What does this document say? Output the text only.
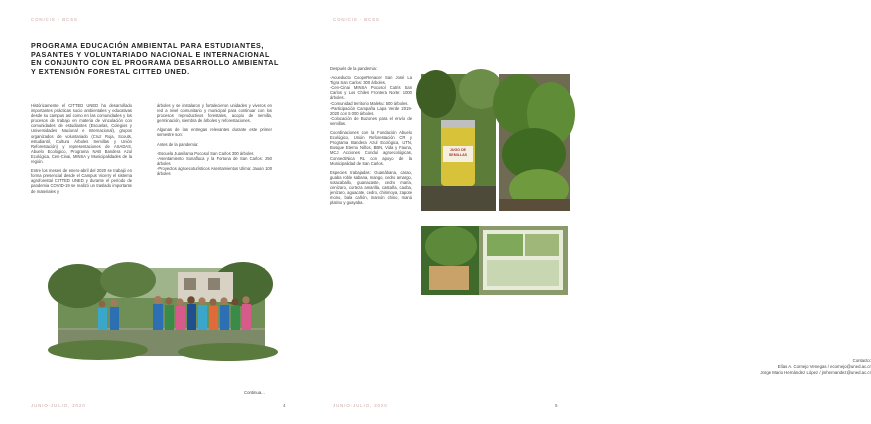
CONICIS - BCSS
PROGRAMA EDUCACIÓN AMBIENTAL PARA ESTUDIANTES, PASANTES Y VOLUNTARIADO NACIONAL E INTERNACIONAL EN CONJUNTO CON EL PROGRAMA DESARROLLO AMBIENTAL Y EXTENSIÓN FORESTAL CITTED UNED.

Históricamente el CITTED UNED ha desarrollado importantes prácticas socio ambientales y educativas desde su campus así como en las comunidades y los procesos de trabajo en materia de vinculación con comunidades de estudiantes (Escuelas, Colegios y Universidades Nacional e Internacional), grupos organizados de voluntariado (Cruz Roja, Scouts, estudiantil, Cultura Árboles Semillas y Unión Reforestación) y representaciones de ASADAS, Abuelo Ecológico, Programa NAB Bandera Azul Ecológica, Cen-Cinai, MINSA y Municipalidades de la región.

Entre los meses de enero-abril del 2020 se trabajó en forma presencial desde el Campus Vicerry el sistema agroforestal CITTED UNED y durante el período de pandemia COVID-19 se realizó un traslado importante de materiales y

árboles y se instalaron y fortalecieron unidades y viveros en red a nivel comunitario y municipal para continuar con los procesos reproductivos forestales, acopio de semilla, germinación, siembra de árboles y reforestaciones.

Algunas de las entregas relevantes durante este primer semestre son:

Antes de la pandemia:

-Escuela Juanilama Pocosol San Carlos 300 árboles
-Asentamiento Sonafluca y la Fortuna de San Carlos: 250 árboles
-Proyectos agroecoturísticos Asentamientos Ulima: Jauan 100 árboles

Continua...
JUNIO-JULIO, 2020	4
CONICIS - BCSS

Después de la pandemia:

-Acueducto CoopeRenacer San José La Tigra San Carlos: 300 árboles.
-Cen-Cinai MINSA Pocosol Cutris San Carlos y Los Chiles Frontera Norte: 1000 árboles.
-Comunidad territorio Maleku: 500 árboles.
-Participación Campaña Lapa Verde 2019-2020 con 5 000 árboles.
-Colocación de Buzones para el envío de semillas.

Coordinaciones con la Fundación Abuelo Ecológico, Unión Reforestación CR y Programa Bandera Azul Ecológica, UTN, Bosque Eterno Niños, BBN, Vida y Fauna, MCJ Acciones Conduí agroecológicas, ConnectiNica RL con apoyo de la Municipalidad de San Carlos.

Especies trabajadas: Guanábana, carao, guaba roble sabana, mango, cedro amargo, sotacaballo, guanacaste, cedro maría, cenízaro, corteza amarilla, castaña, caoba, jenízaro, aguacate, cedro, chirimoya, zapote mono, bala cañón, mamón chino, manú platino y guayaba.

JUGO DE SEMILLAS
Contacto:
Elías A. Cornejo Venegas / ecornejo@uned.ac.cr
Jorge Mario Hernández López / jmhernandez@uned.ac.cr
JUNIO-JULIO, 2020	5
